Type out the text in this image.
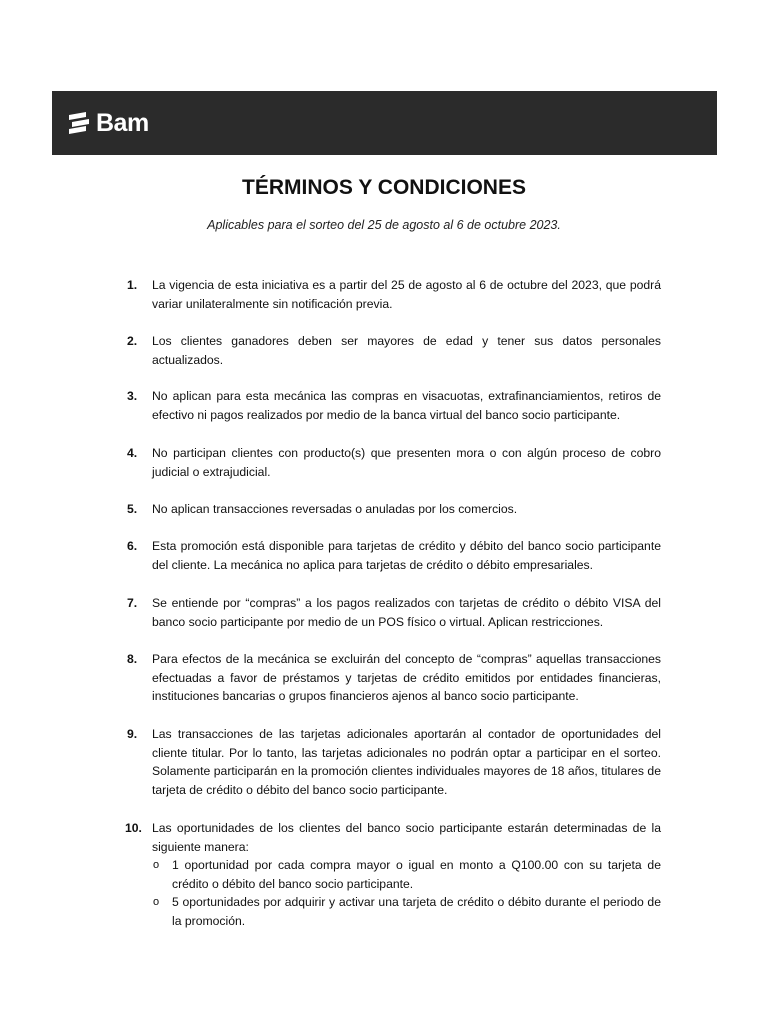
Bam
TÉRMINOS Y CONDICIONES

Aplicables para el sorteo del 25 de agosto al 6 de octubre 2023.

1.	La vigencia de esta iniciativa es a partir del 25 de agosto al 6 de octubre del 2023, que podrá variar unilateralmente sin notificación previa.
2.	Los clientes ganadores deben ser mayores de edad y tener sus datos personales actualizados.
3.	No aplican para esta mecánica las compras en visacuotas, extrafinanciamientos, retiros de efectivo ni pagos realizados por medio de la banca virtual del banco socio participante.
4.	No participan clientes con producto(s) que presenten mora o con algún proceso de cobro judicial o extrajudicial.
5.	No aplican transacciones reversadas o anuladas por los comercios.
6.	Esta promoción está disponible para tarjetas de crédito y débito del banco socio participante del cliente. La mecánica no aplica para tarjetas de crédito o débito empresariales.
7.	Se entiende por “compras” a los pagos realizados con tarjetas de crédito o débito VISA del banco socio participante por medio de un POS físico o virtual. Aplican restricciones.
8.	Para efectos de la mecánica se excluirán del concepto de “compras” aquellas transacciones efectuadas a favor de préstamos y tarjetas de crédito emitidos por entidades financieras, instituciones bancarias o grupos financieros ajenos al banco socio participante.
9.	Las transacciones de las tarjetas adicionales aportarán al contador de oportunidades del cliente titular. Por lo tanto, las tarjetas adicionales no podrán optar a participar en el sorteo. Solamente participarán en la promoción clientes individuales mayores de 18 años, titulares de tarjeta de crédito o débito del banco socio participante.
10. Las oportunidades de los clientes del banco socio participante estarán determinadas de la siguiente manera:
o 1 oportunidad por cada compra mayor o igual en monto a Q100.00 con su tarjeta de crédito o débito del banco socio participante.
o 5 oportunidades por adquirir y activar una tarjeta de crédito o débito durante el periodo de la promoción.
